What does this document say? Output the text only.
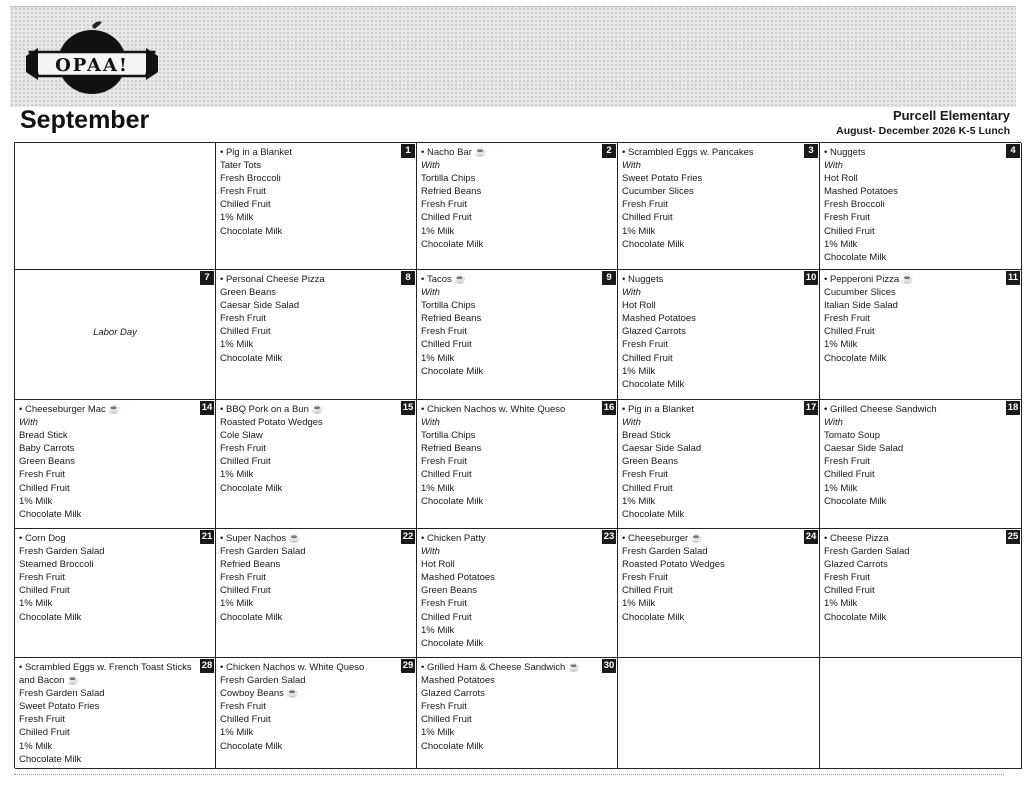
OPAA!
September	Purcell Elementary
August- December 2026 K-5 Lunch
1
• Pig in a Blanket
Tater Tots
Fresh Broccoli
Fresh Fruit
Chilled Fruit
1% Milk
Chocolate Milk
2
• Nacho Bar ☕
With
Tortilla Chips
Refried Beans
Fresh Fruit
Chilled Fruit
1% Milk
Chocolate Milk
3
• Scrambled Eggs w. Pancakes
With
Sweet Potato Fries
Cucumber Slices
Fresh Fruit
Chilled Fruit
1% Milk
Chocolate Milk
4
• Nuggets
With
Hot Roll
Mashed Potatoes
Fresh Broccoli
Fresh Fruit
Chilled Fruit
1% Milk
Chocolate Milk
7
Labor Day
8
• Personal Cheese Pizza
Green Beans
Caesar Side Salad
Fresh Fruit
Chilled Fruit
1% Milk
Chocolate Milk
9
• Tacos ☕
With
Tortilla Chips
Refried Beans
Fresh Fruit
Chilled Fruit
1% Milk
Chocolate Milk
10
• Nuggets
With
Hot Roll
Mashed Potatoes
Glazed Carrots
Fresh Fruit
Chilled Fruit
1% Milk
Chocolate Milk
11
• Pepperoni Pizza ☕
Cucumber Slices
Italian Side Salad
Fresh Fruit
Chilled Fruit
1% Milk
Chocolate Milk
14
• Cheeseburger Mac ☕
With
Bread Stick
Baby Carrots
Green Beans
Fresh Fruit
Chilled Fruit
1% Milk
Chocolate Milk
15
• BBQ Pork on a Bun ☕
Roasted Potato Wedges
Cole Slaw
Fresh Fruit
Chilled Fruit
1% Milk
Chocolate Milk
16
• Chicken Nachos w. White Queso
With
Tortilla Chips
Refried Beans
Fresh Fruit
Chilled Fruit
1% Milk
Chocolate Milk
17
• Pig in a Blanket
With
Bread Stick
Caesar Side Salad
Green Beans
Fresh Fruit
Chilled Fruit
1% Milk
Chocolate Milk
18
• Grilled Cheese Sandwich
With
Tomato Soup
Caesar Side Salad
Fresh Fruit
Chilled Fruit
1% Milk
Chocolate Milk
21
• Corn Dog
Fresh Garden Salad
Steamed Broccoli
Fresh Fruit
Chilled Fruit
1% Milk
Chocolate Milk
22
• Super Nachos ☕
Fresh Garden Salad
Refried Beans
Fresh Fruit
Chilled Fruit
1% Milk
Chocolate Milk
23
• Chicken Patty
With
Hot Roll
Mashed Potatoes
Green Beans
Fresh Fruit
Chilled Fruit
1% Milk
Chocolate Milk
24
• Cheeseburger ☕
Fresh Garden Salad
Roasted Potato Wedges
Fresh Fruit
Chilled Fruit
1% Milk
Chocolate Milk
25
• Cheese Pizza
Fresh Garden Salad
Glazed Carrots
Fresh Fruit
Chilled Fruit
1% Milk
Chocolate Milk
28
• Scrambled Eggs w. French Toast Sticks and Bacon ☕
Fresh Garden Salad
Sweet Potato Fries
Fresh Fruit
Chilled Fruit
1% Milk
Chocolate Milk
29
• Chicken Nachos w. White Queso
Fresh Garden Salad
Cowboy Beans ☕
Fresh Fruit
Chilled Fruit
1% Milk
Chocolate Milk
30
• Grilled Ham & Cheese Sandwich ☕
Mashed Potatoes
Glazed Carrots
Fresh Fruit
Chilled Fruit
1% Milk
Chocolate Milk
